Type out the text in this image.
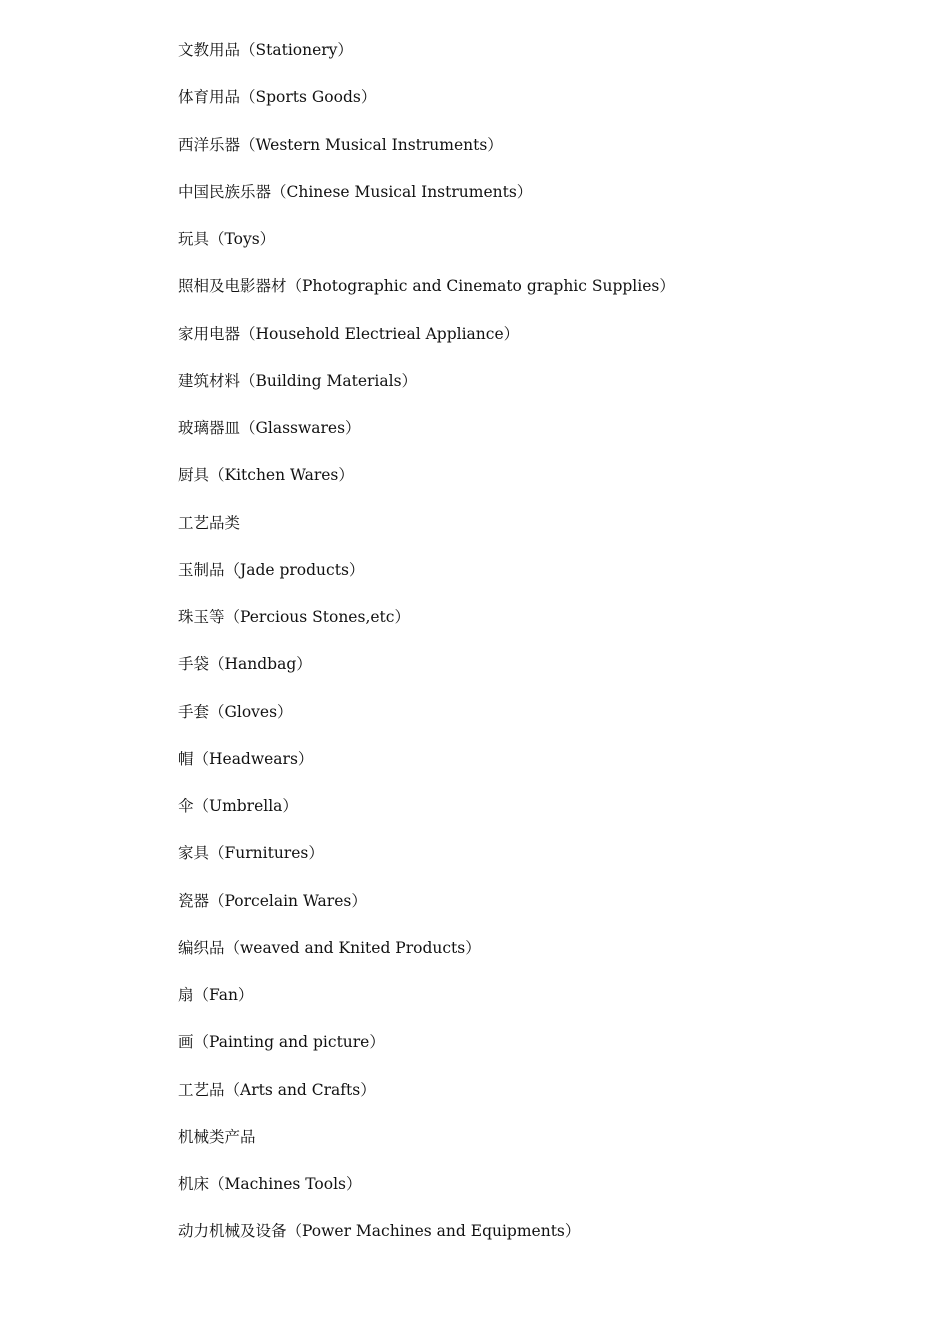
文教用品（Stationery）
体育用品（Sports Goods）
西洋乐器（Western Musical Instruments）
中国民族乐器（Chinese Musical Instruments）
玩具（Toys）
照相及电影器材（Photographic and Cinemato graphic Supplies）
家用电器（Household Electrieal Appliance）
建筑材料（Building Materials）
玻璃器皿（Glasswares）
厨具（Kitchen Wares）
工艺品类
玉制品（Jade products）
珠玉等（Percious Stones,etc）
手袋（Handbag）
手套（Gloves）
帽（Headwears）
伞（Umbrella）
家具（Furnitures）
瓷器（Porcelain Wares）
编织品（weaved and Knited Products）
扇（Fan）
画（Painting and picture）
工艺品（Arts and Crafts）
机械类产品
机床（Machines Tools）
动力机械及设备（Power Machines and Equipments）
